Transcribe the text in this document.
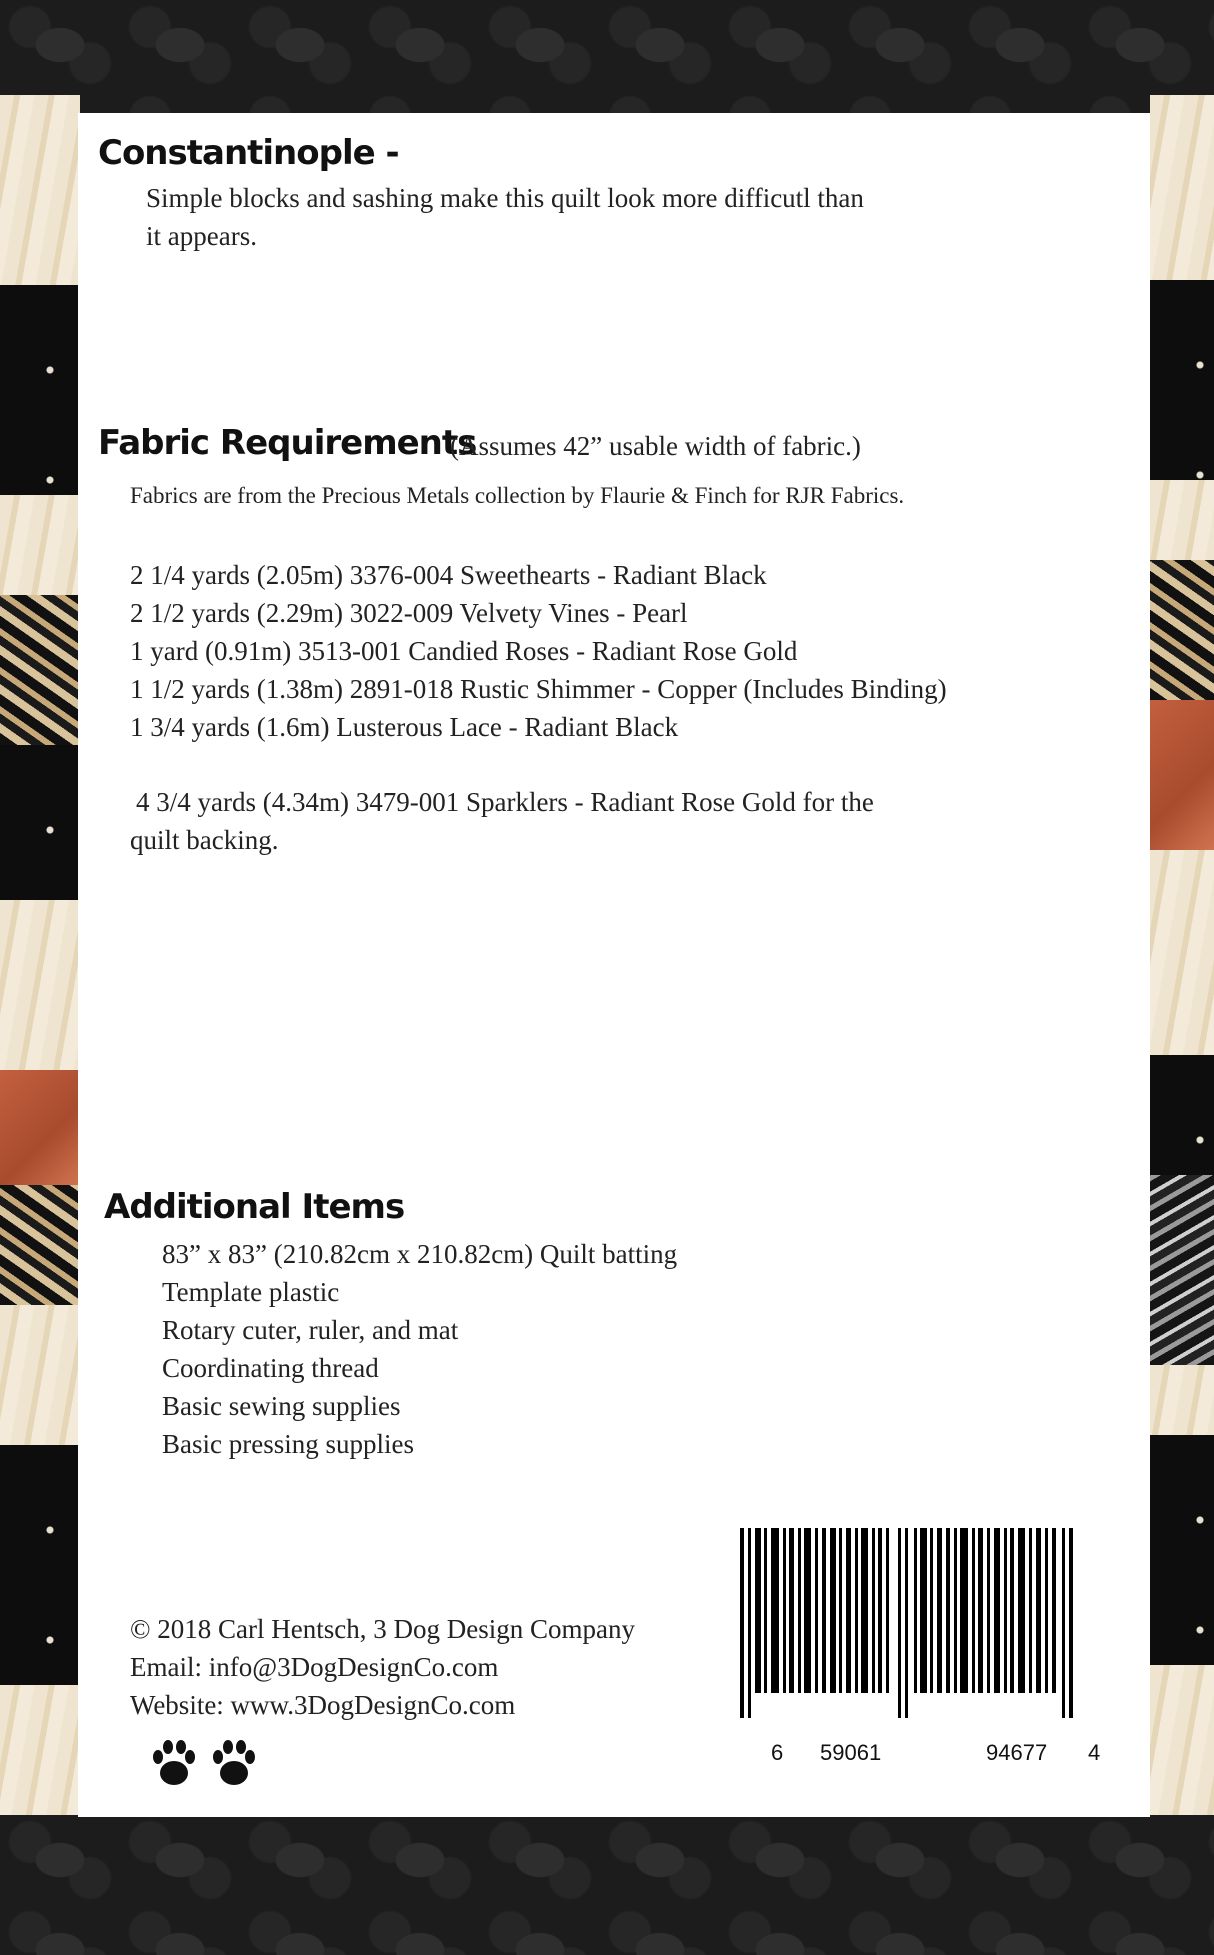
Constantinople -

Simple blocks and sashing make this quilt look more difficutl than it appears.

Fabric Requirements
(Assumes 42” usable width of fabric.)
Fabrics are from the Precious Metals collection by Flaurie & Finch for RJR Fabrics.
2 1/4 yards (2.05m) 3376-004 Sweethearts - Radiant Black
2 1/2 yards (2.29m) 3022-009 Velvety Vines - Pearl
1 yard (0.91m) 3513-001 Candied Roses - Radiant Rose Gold
1 1/2 yards (1.38m) 2891-018 Rustic Shimmer - Copper (Includes Binding)
1 3/4 yards (1.6m) Lusterous Lace - Radiant Black

4 3/4 yards (4.34m) 3479-001 Sparklers - Radiant Rose Gold for the quilt backing.

Additional Items
83” x 83” (210.82cm x 210.82cm) Quilt batting
Template plastic
Rotary cuter, ruler, and mat
Coordinating thread
Basic sewing supplies
Basic pressing supplies
© 2018 Carl Hentsch, 3 Dog Design Company
Email: info@3DogDesignCo.com
Website: www.3DogDesignCo.com
6 59061	94677 4
